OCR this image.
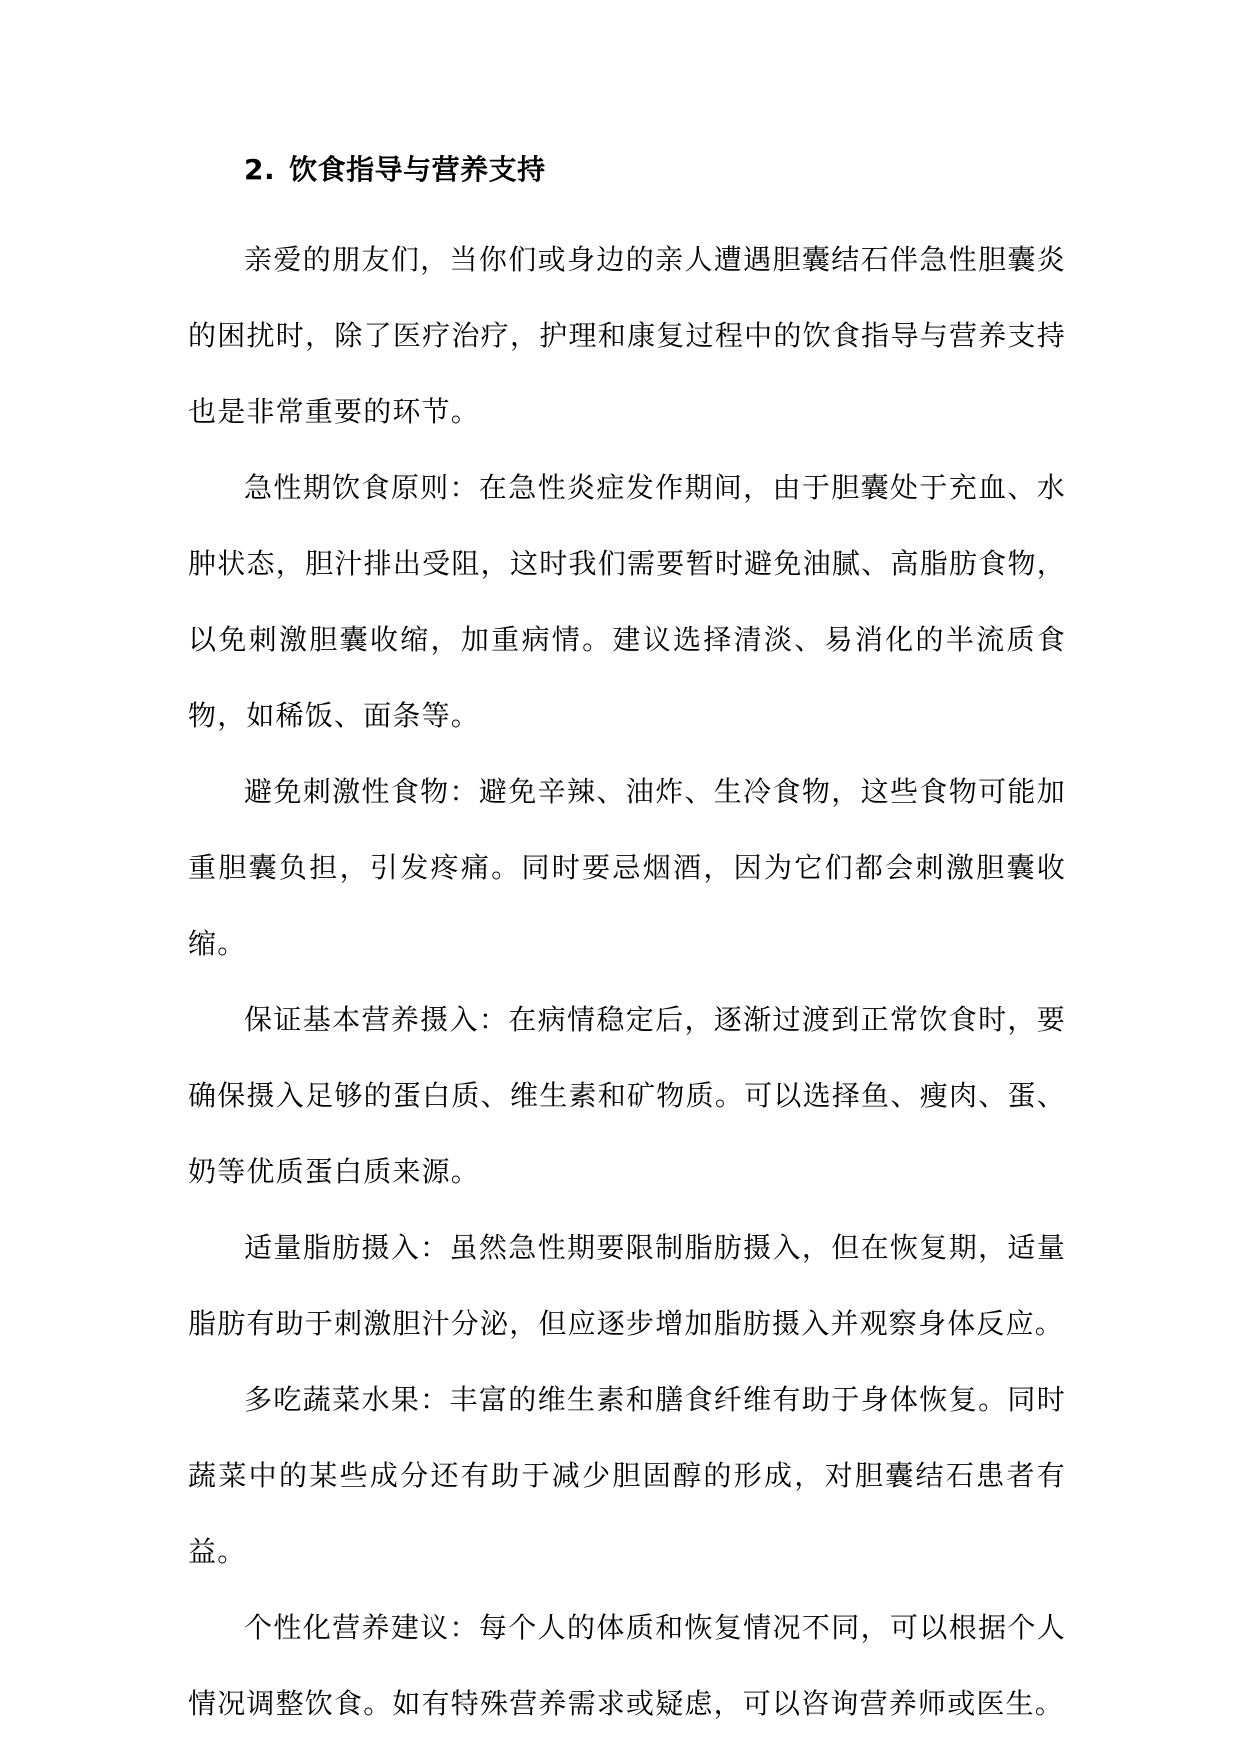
2. 饮食指导与营养支持

亲爱的朋友们，当你们或身边的亲人遭遇胆囊结石伴急性胆囊炎的困扰时，除了医疗治疗，护理和康复过程中的饮食指导与营养支持也是非常重要的环节。

急性期饮食原则：在急性炎症发作期间，由于胆囊处于充血、水肿状态，胆汁排出受阻，这时我们需要暂时避免油腻、高脂肪食物，以免刺激胆囊收缩，加重病情。建议选择清淡、易消化的半流质食物，如稀饭、面条等。

避免刺激性食物：避免辛辣、油炸、生冷食物，这些食物可能加重胆囊负担，引发疼痛。同时要忌烟酒，因为它们都会刺激胆囊收缩。

保证基本营养摄入：在病情稳定后，逐渐过渡到正常饮食时，要确保摄入足够的蛋白质、维生素和矿物质。可以选择鱼、瘦肉、蛋、奶等优质蛋白质来源。

适量脂肪摄入：虽然急性期要限制脂肪摄入，但在恢复期，适量脂肪有助于刺激胆汁分泌，但应逐步增加脂肪摄入并观察身体反应。

多吃蔬菜水果：丰富的维生素和膳食纤维有助于身体恢复。同时蔬菜中的某些成分还有助于减少胆固醇的形成，对胆囊结石患者有益。

个性化营养建议：每个人的体质和恢复情况不同，可以根据个人情况调整饮食。如有特殊营养需求或疑虑，可以咨询营养师或医生。
